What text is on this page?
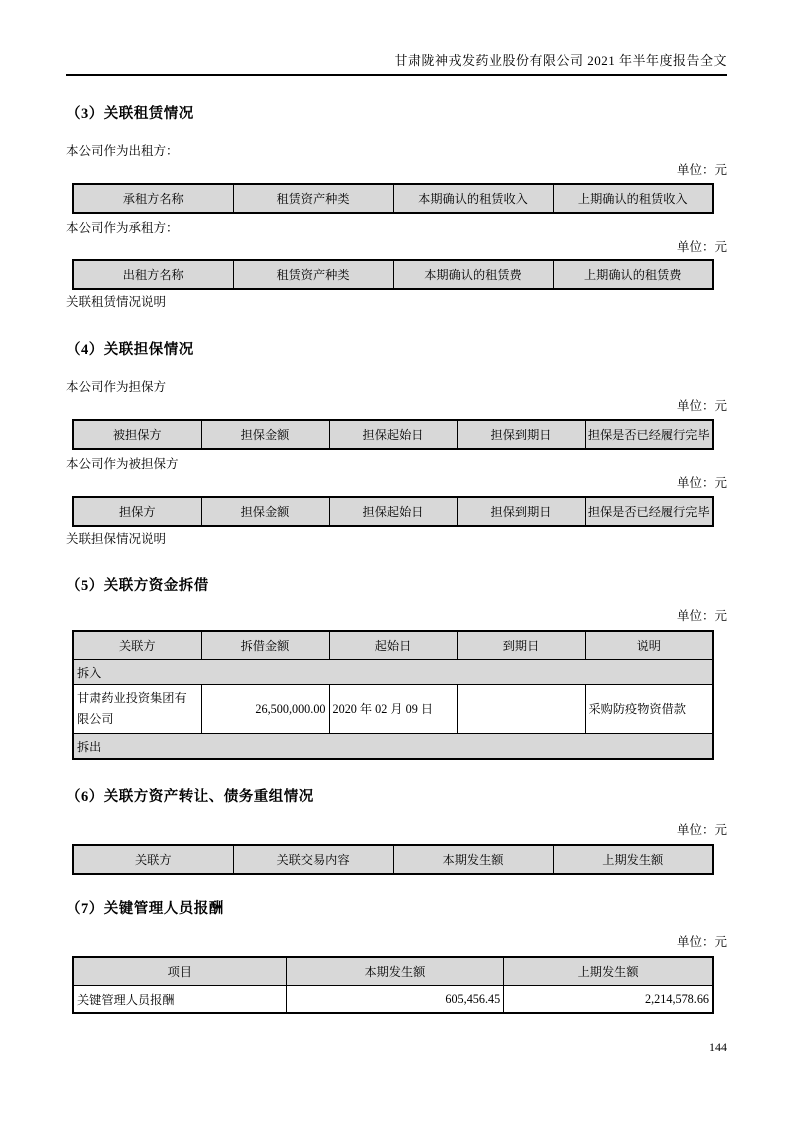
甘肃陇神戎发药业股份有限公司 2021 年半年度报告全文
（3）关联租赁情况
本公司作为出租方：
单位：元
承租方名称	租赁资产种类	本期确认的租赁收入	上期确认的租赁收入
本公司作为承租方：
单位：元
出租方名称	租赁资产种类	本期确认的租赁费	上期确认的租赁费
关联租赁情况说明
（4）关联担保情况
本公司作为担保方
单位：元
被担保方	担保金额	担保起始日	担保到期日	担保是否已经履行完毕
本公司作为被担保方
单位：元
担保方	担保金额	担保起始日	担保到期日	担保是否已经履行完毕
关联担保情况说明
（5）关联方资金拆借
单位：元
关联方	拆借金额	起始日	到期日	说明
拆入				
甘肃药业投资集团有限公司	26,500,000.00	2020 年 02 月 09 日		采购防疫物资借款
拆出				
（6）关联方资产转让、债务重组情况
单位：元
关联方	关联交易内容	本期发生额	上期发生额
（7）关键管理人员报酬
单位：元
项目	本期发生额	上期发生额
关键管理人员报酬	605,456.45	2,214,578.66
144
